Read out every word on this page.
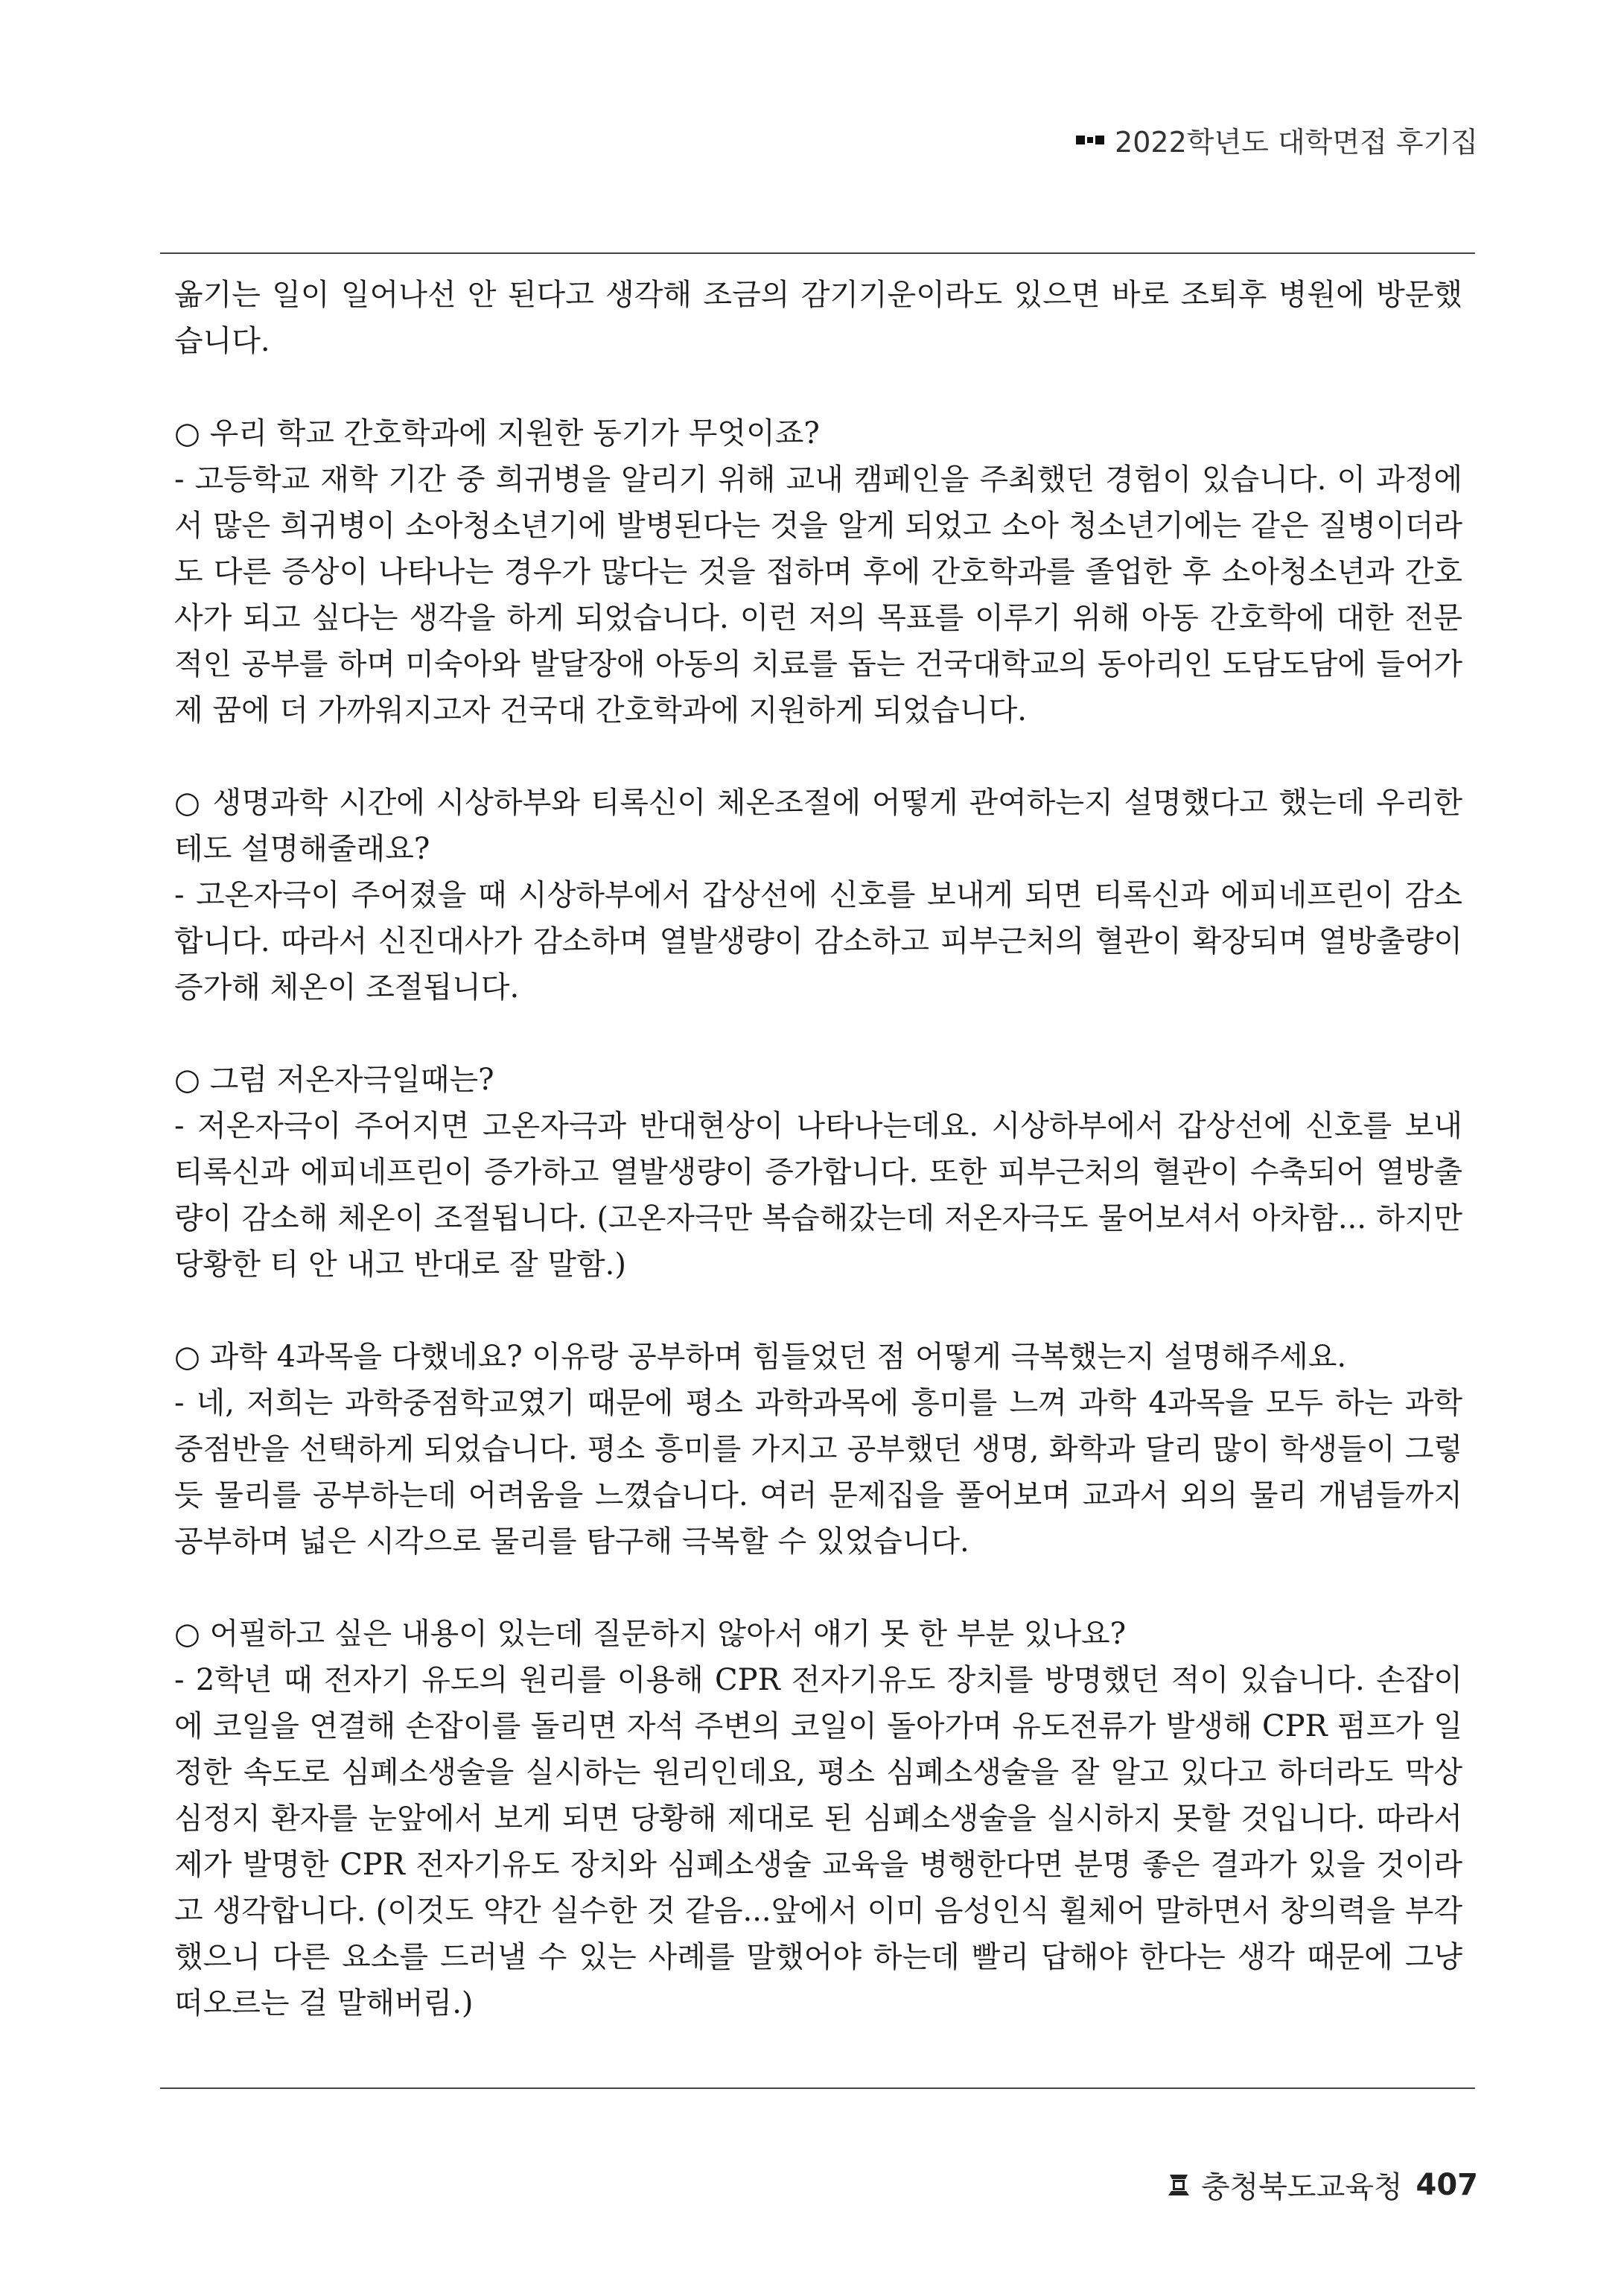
2022학년도 대학면접 후기집

옮기는 일이 일어나선 안 된다고 생각해 조금의 감기기운이라도 있으면 바로 조퇴후 병원에 방문했습니다.

○ 우리 학교 간호학과에 지원한 동기가 무엇이죠?

- 고등학교 재학 기간 중 희귀병을 알리기 위해 교내 캠페인을 주최했던 경험이 있습니다. 이 과정에서 많은 희귀병이 소아청소년기에 발병된다는 것을 알게 되었고 소아 청소년기에는 같은 질병이더라도 다른 증상이 나타나는 경우가 많다는 것을 접하며 후에 간호학과를 졸업한 후 소아청소년과 간호사가 되고 싶다는 생각을 하게 되었습니다. 이런 저의 목표를 이루기 위해 아동 간호학에 대한 전문적인 공부를 하며 미숙아와 발달장애 아동의 치료를 돕는 건국대학교의 동아리인 도담도담에 들어가 제 꿈에 더 가까워지고자 건국대 간호학과에 지원하게 되었습니다.

○ 생명과학 시간에 시상하부와 티록신이 체온조절에 어떻게 관여하는지 설명했다고 했는데 우리한테도 설명해줄래요?

- 고온자극이 주어졌을 때 시상하부에서 갑상선에 신호를 보내게 되면 티록신과 에피네프린이 감소합니다. 따라서 신진대사가 감소하며 열발생량이 감소하고 피부근처의 혈관이 확장되며 열방출량이 증가해 체온이 조절됩니다.

○ 그럼 저온자극일때는?

- 저온자극이 주어지면 고온자극과 반대현상이 나타나는데요. 시상하부에서 갑상선에 신호를 보내 티록신과 에피네프린이 증가하고 열발생량이 증가합니다. 또한 피부근처의 혈관이 수축되어 열방출량이 감소해 체온이 조절됩니다. (고온자극만 복습해갔는데 저온자극도 물어보셔서 아차함... 하지만 당황한 티 안 내고 반대로 잘 말함.)

○ 과학 4과목을 다했네요? 이유랑 공부하며 힘들었던 점 어떻게 극복했는지 설명해주세요.

- 네, 저희는 과학중점학교였기 때문에 평소 과학과목에 흥미를 느껴 과학 4과목을 모두 하는 과학 중점반을 선택하게 되었습니다. 평소 흥미를 가지고 공부했던 생명, 화학과 달리 많이 학생들이 그렇듯 물리를 공부하는데 어려움을 느꼈습니다. 여러 문제집을 풀어보며 교과서 외의 물리 개념들까지 공부하며 넓은 시각으로 물리를 탐구해 극복할 수 있었습니다.

○ 어필하고 싶은 내용이 있는데 질문하지 않아서 얘기 못 한 부분 있나요?

- 2학년 때 전자기 유도의 원리를 이용해 CPR 전자기유도 장치를 방명했던 적이 있습니다. 손잡이에 코일을 연결해 손잡이를 돌리면 자석 주변의 코일이 돌아가며 유도전류가 발생해 CPR 펌프가 일정한 속도로 심폐소생술을 실시하는 원리인데요, 평소 심폐소생술을 잘 알고 있다고 하더라도 막상 심정지 환자를 눈앞에서 보게 되면 당황해 제대로 된 심폐소생술을 실시하지 못할 것입니다. 따라서 제가 발명한 CPR 전자기유도 장치와 심폐소생술 교육을 병행한다면 분명 좋은 결과가 있을 것이라고 생각합니다. (이것도 약간 실수한 것 같음...앞에서 이미 음성인식 휠체어 말하면서 창의력을 부각했으니 다른 요소를 드러낼 수 있는 사례를 말했어야 하는데 빨리 답해야 한다는 생각 때문에 그냥 떠오르는 걸 말해버림.)

충청북도교육청 407
